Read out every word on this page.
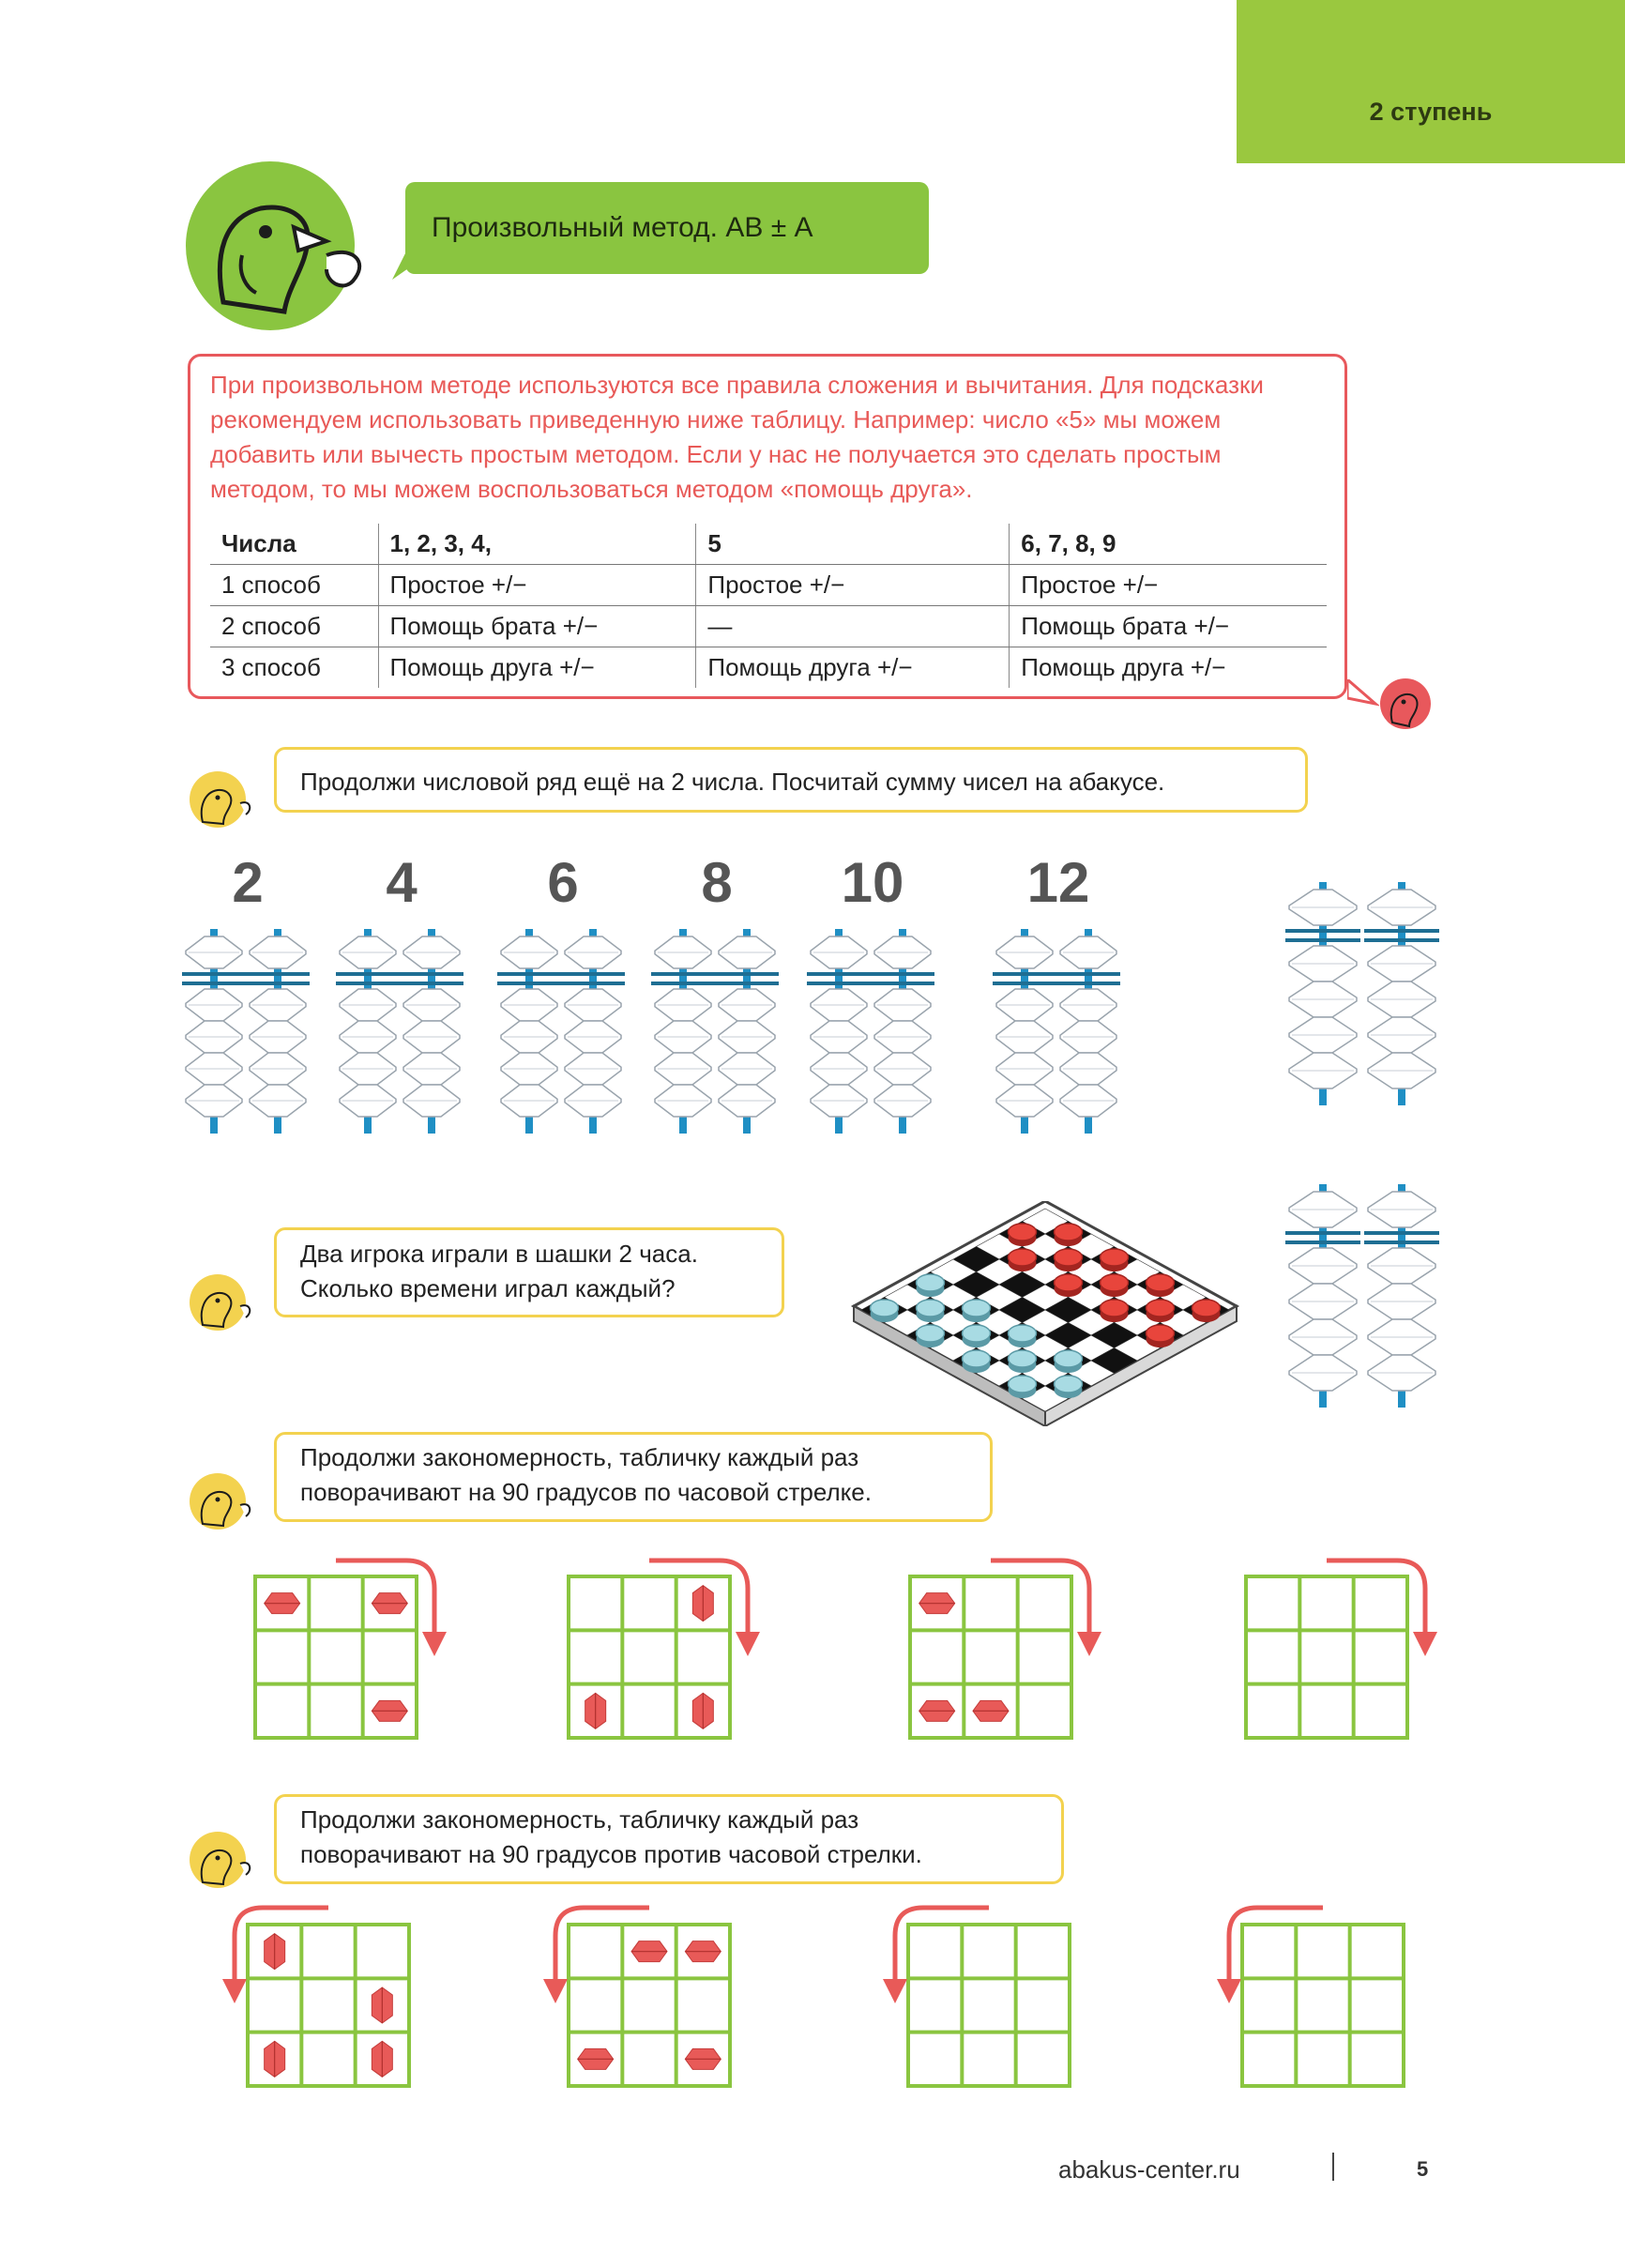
2 ступень
Произвольный метод. АВ ± А
При произвольном методе используются все правила сложения и вычитания. Для подсказки рекомендуем использовать приведенную ниже таблицу. Например: число «5» мы можем добавить или вычесть простым методом. Если у нас не получается это сделать простым методом, то мы можем воспользоваться методом «помощь друга».
Числа	1, 2, 3, 4,	5	6, 7, 8, 9
1 способ	Простое +/−	Простое +/−	Простое +/−
2 способ	Помощь брата +/−	—	Помощь брата +/−
3 способ	Помощь друга +/−	Помощь друга +/−	Помощь друга +/−
Продолжи числовой ряд ещё на 2 числа. Посчитай сумму чисел на абакусе.
2	4	6	8	10	12
Два игрока играли в шашки 2 часа.
Сколько времени играл каждый?
Продолжи закономерность, табличку каждый раз
поворачивают на 90 градусов по часовой стрелке.
Продолжи закономерность, табличку каждый раз
поворачивают на 90 градусов против часовой стрелки.
abakus-center.ru	5
